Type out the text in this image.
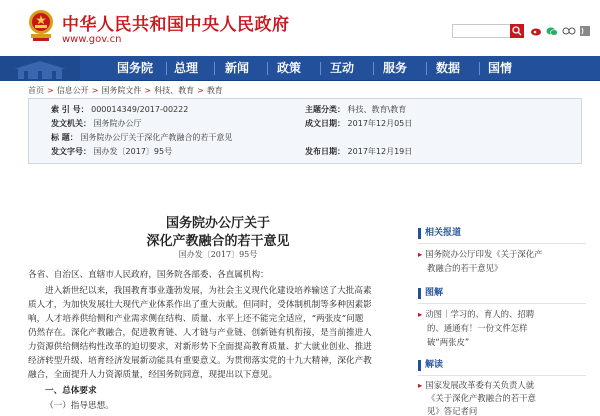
中华人民共和国中央人民政府
www.gov.cn
国务院	总理	新闻	政策	互动	服务	数据	国情
首页 > 信息公开 > 国务院文件 > 科技、教育 > 教育
索 引 号： 000014349/2017-00222	主题分类： 科技、教育\教育
发文机关： 国务院办公厅	成文日期： 2017年12月05日
标 题： 国务院办公厅关于深化产教融合的若干意见
发文字号： 国办发〔2017〕95号	发布日期： 2017年12月19日
国务院办公厅关于
深化产教融合的若干意见
国办发〔2017〕95号
各省、自治区、直辖市人民政府，国务院各部委、各直属机构：
进入新世纪以来，我国教育事业蓬勃发展，为社会主义现代化建设培养输送了大批高素
质人才，为加快发展壮大现代产业体系作出了重大贡献。但同时，受体制机制等多种因素影
响，人才培养供给侧和产业需求侧在结构、质量、水平上还不能完全适应，“两张皮”问题
仍然存在。深化产教融合，促进教育链、人才链与产业链、创新链有机衔接，是当前推进人
力资源供给侧结构性改革的迫切要求，对新形势下全面提高教育质量、扩大就业创业、推进
经济转型升级、培育经济发展新动能具有重要意义。为贯彻落实党的十九大精神，深化产教
融合，全面提升人力资源质量，经国务院同意，现提出以下意见。
一、总体要求
（一）指导思想。
相关报道
▸ 国务院办公厅印发《关于深化产
教融合的若干意见》
图解
▸ 动图｜学习的、育人的、招聘
的、通通有！一份文件怎样
破“两张皮”
解读
▸ 国家发展改革委有关负责人就
《关于深化产教融合的若干意
见》答记者问
